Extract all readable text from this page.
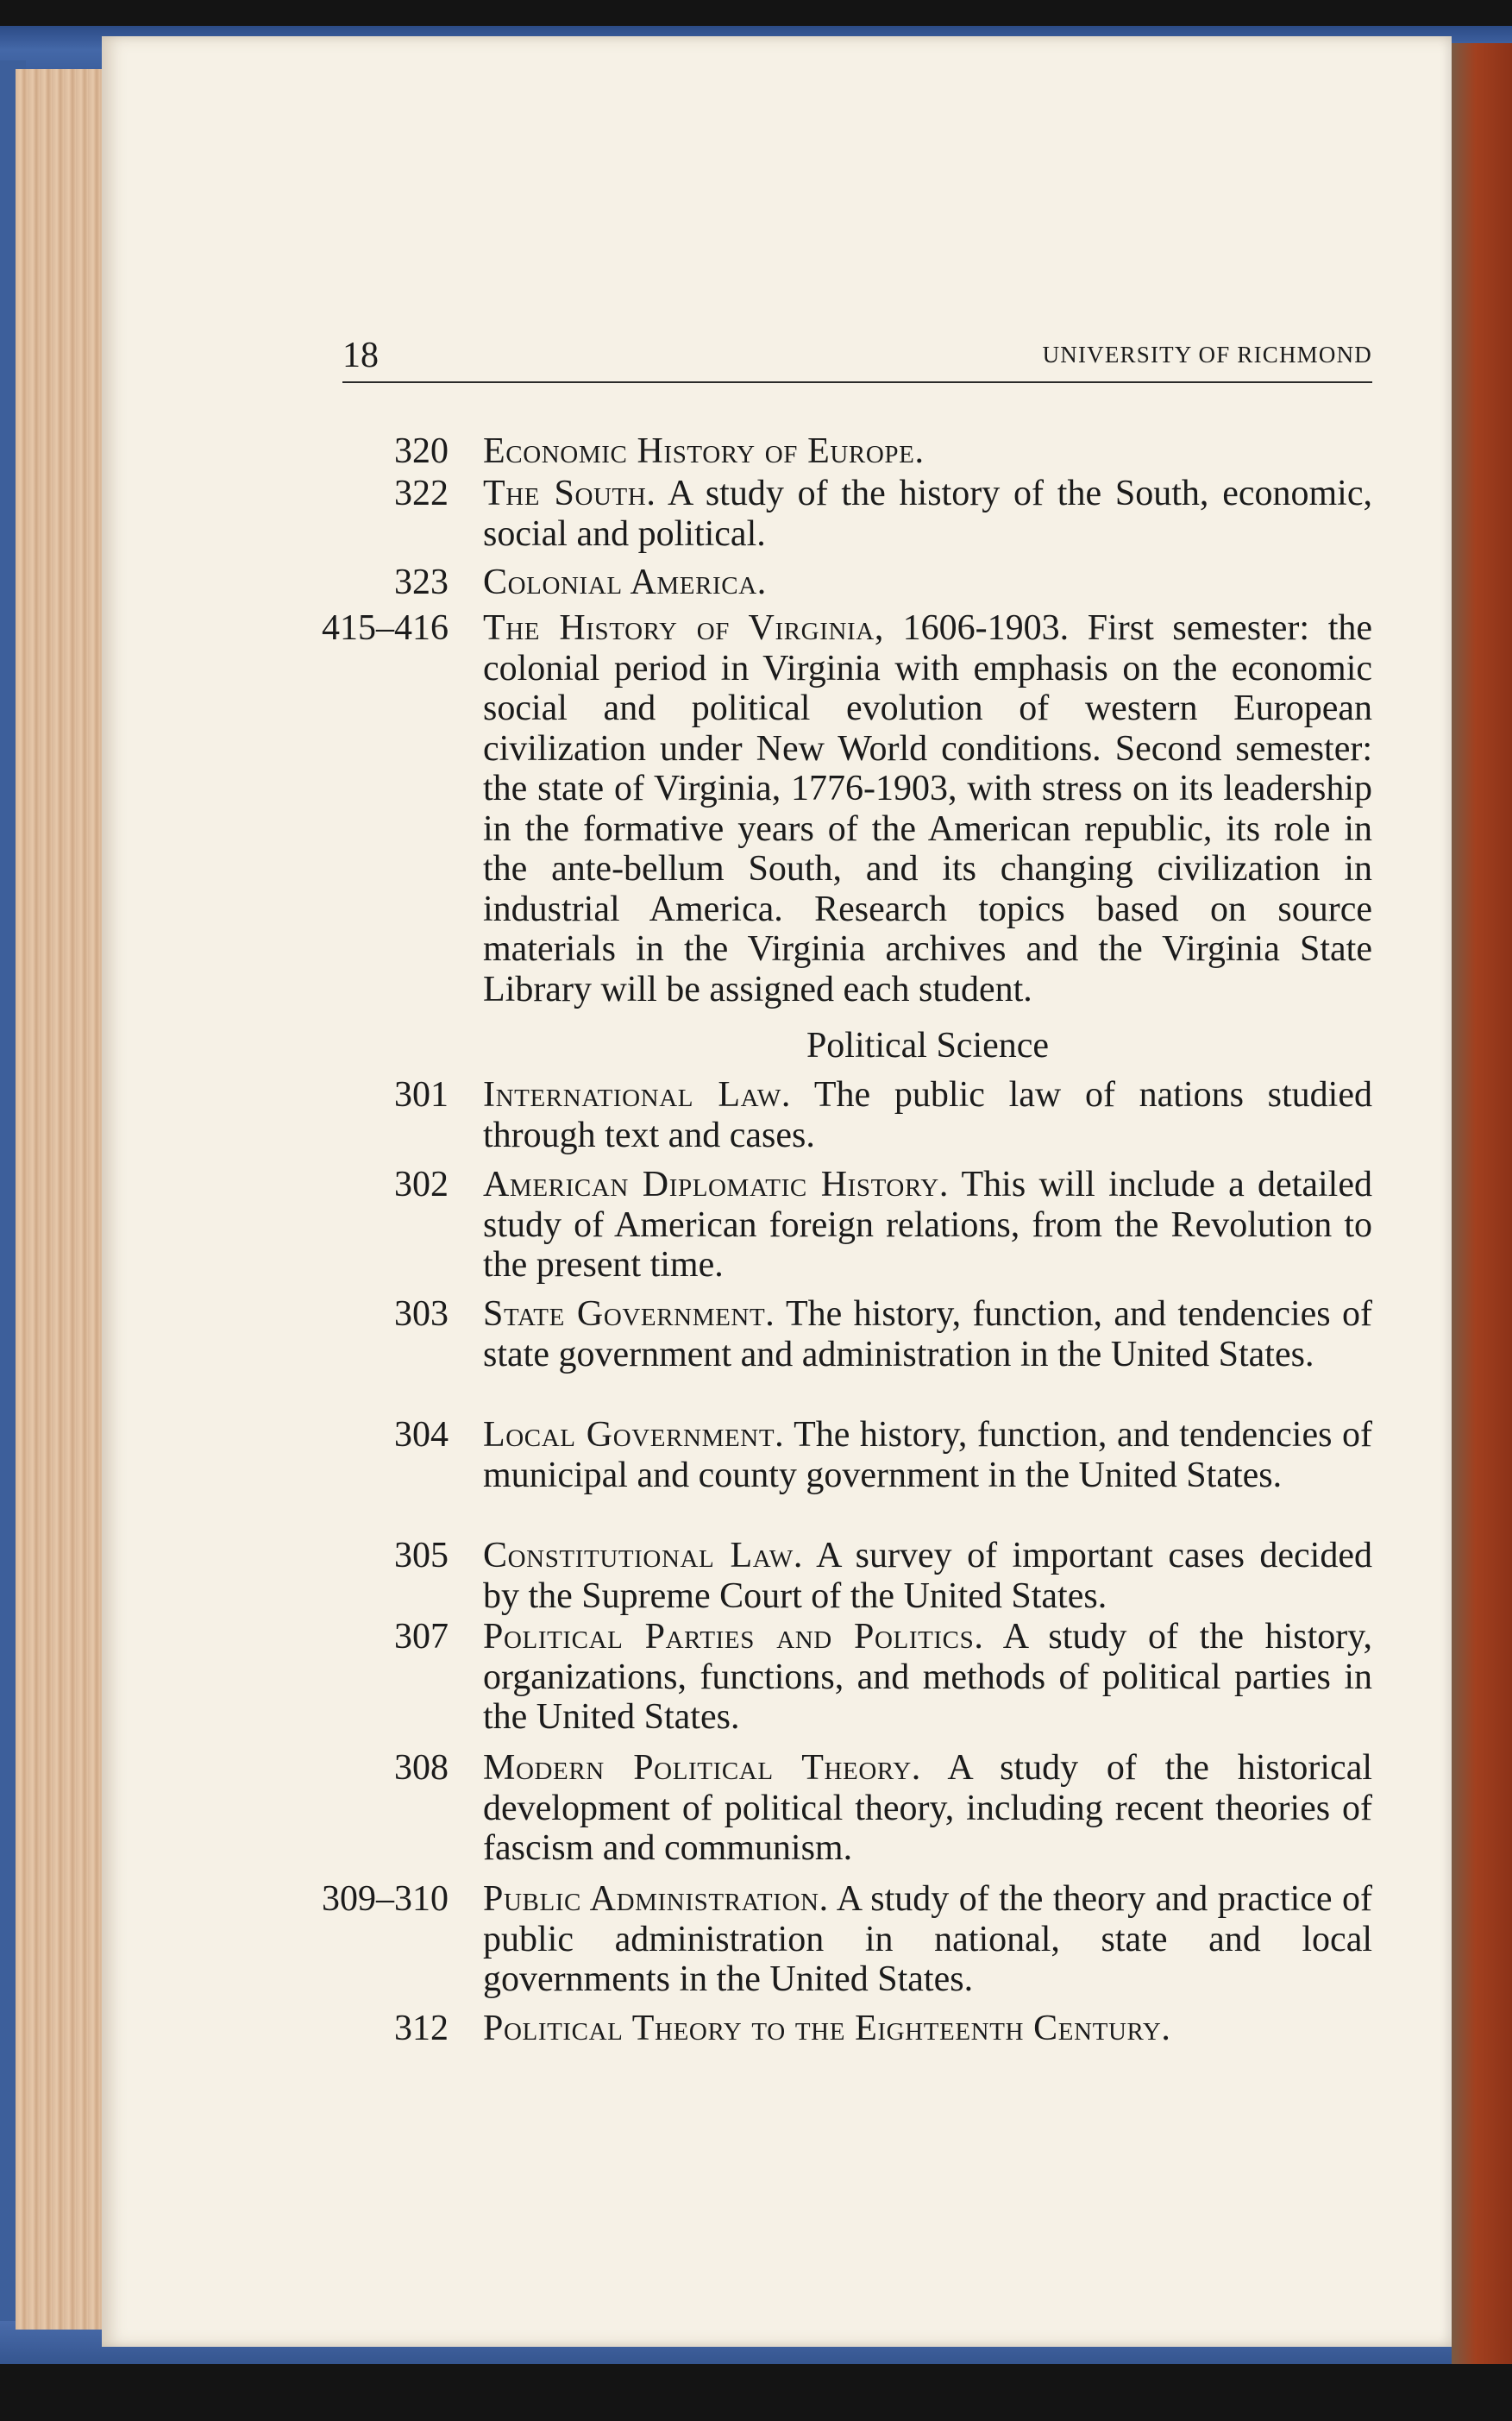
18	UNIVERSITY OF RICHMOND
320 Economic History of Europe.
322 The South. A study of the history of the South, economic, social and political.
323 Colonial America.
415–416 The History of Virginia, 1606-1903. First semester: the colonial period in Virginia with emphasis on the economic social and political evolution of western European civilization under New World conditions. Second semester: the state of Virginia, 1776-1903, with stress on its leadership in the formative years of the American republic, its role in the ante-bellum South, and its changing civilization in industrial America. Research topics based on source materials in the Virginia archives and the Virginia State Library will be assigned each student.
Political Science
301 International Law. The public law of nations studied through text and cases.
302 American Diplomatic History. This will include a detailed study of American foreign relations, from the Revolution to the present time.
303 State Government. The history, function, and tendencies of state government and administration in the United States.
304 Local Government. The history, function, and tendencies of municipal and county government in the United States.
305 Constitutional Law. A survey of important cases decided by the Supreme Court of the United States.
307 Political Parties and Politics. A study of the history, organizations, functions, and methods of political parties in the United States.
308 Modern Political Theory. A study of the historical development of political theory, including recent theories of fascism and communism.
309–310 Public Administration. A study of the theory and practice of public administration in national, state and local governments in the United States.
312 Political Theory to the Eighteenth Century.
